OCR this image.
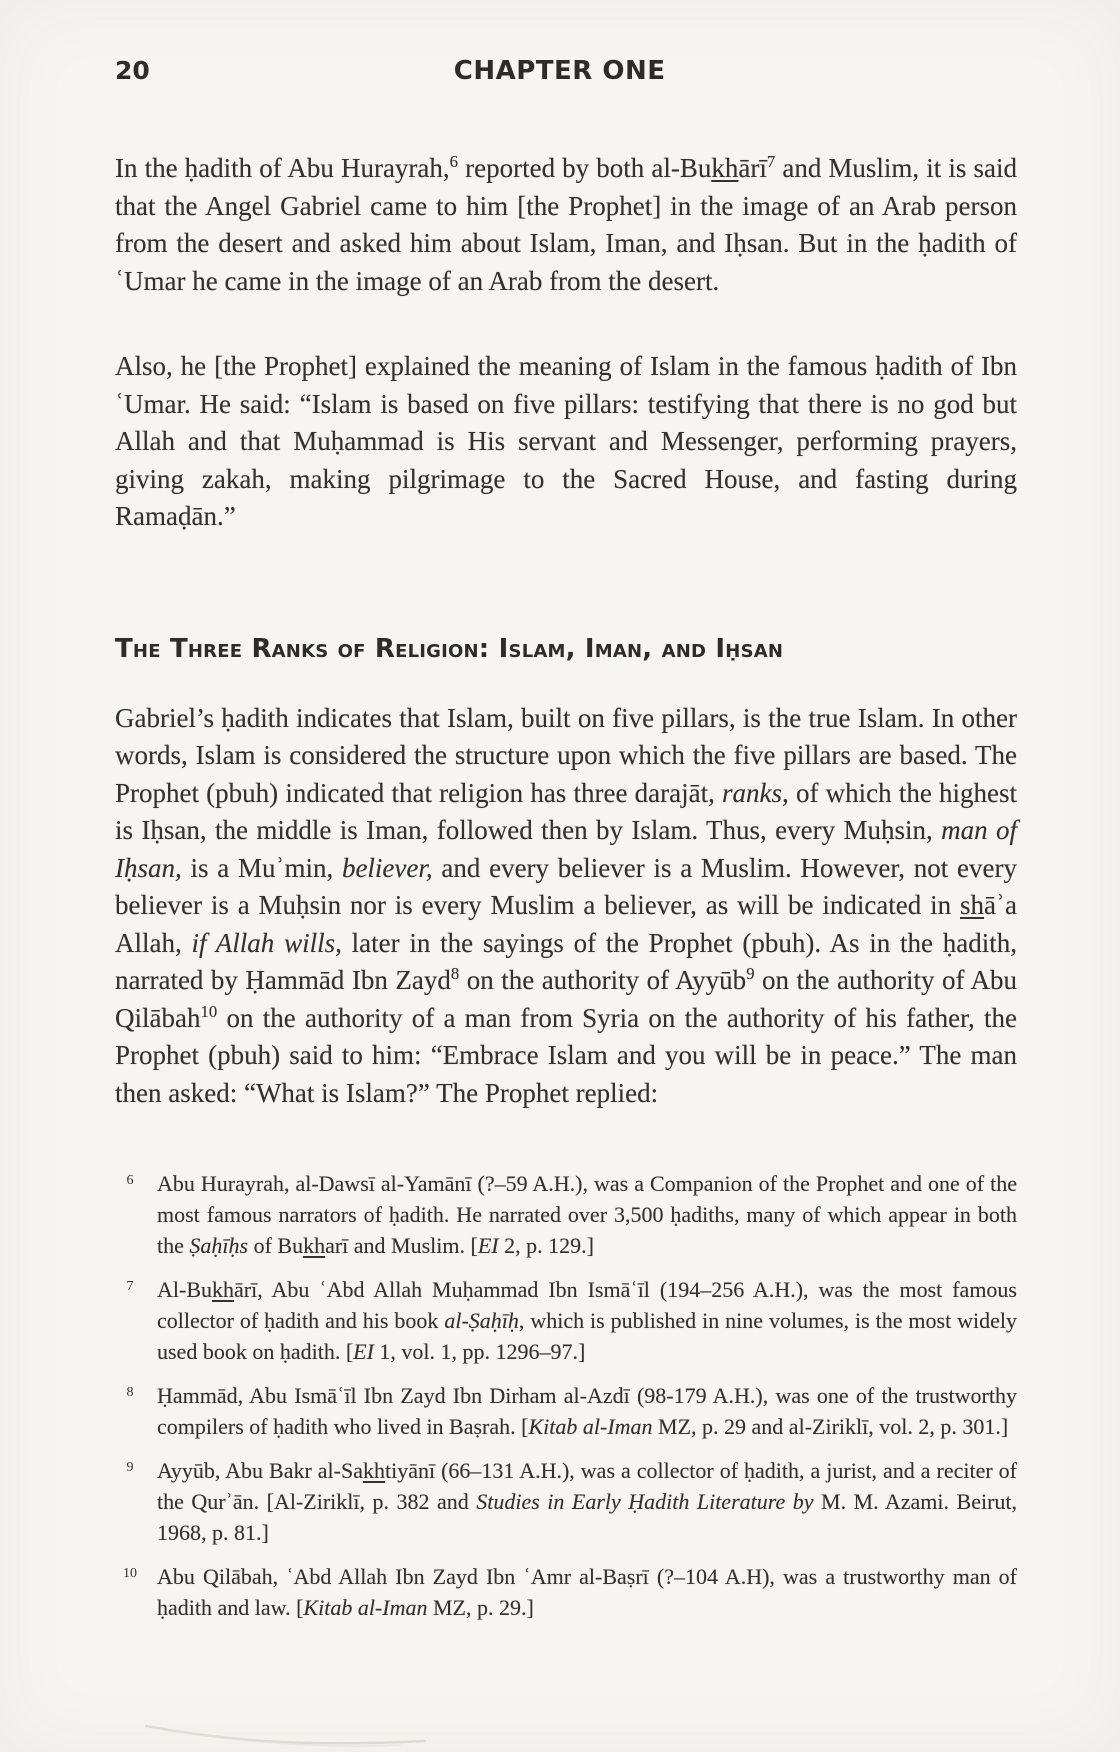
20	CHAPTER ONE

In the ḥadith of Abu Hurayrah,$^6$ reported by both al-Bukhārī$^7$ and Muslim, it is said that the Angel Gabriel came to him [the Prophet] in the image of an Arab person from the desert and asked him about Islam, Iman, and Iḥsan. But in the ḥadith of ʿUmar he came in the image of an Arab from the desert.

Also, he [the Prophet] explained the meaning of Islam in the famous ḥadith of Ibn ʿUmar. He said: “Islam is based on five pillars: testifying that there is no god but Allah and that Muḥammad is His servant and Messenger, performing prayers, giving zakah, making pilgrimage to the Sacred House, and fasting during Ramaḍān.”

The Three Ranks of Religion: Islam, Iman, and Iḥsan

Gabriel’s ḥadith indicates that Islam, built on five pillars, is the true Islam. In other words, Islam is considered the structure upon which the five pillars are based. The Prophet (pbuh) indicated that religion has three darajāt, ranks, of which the highest is Iḥsan, the middle is Iman, followed then by Islam. Thus, every Muḥsin, man of Iḥsan, is a Muʾmin, believer, and every believer is a Muslim. However, not every believer is a Muḥsin nor is every Muslim a believer, as will be indicated in shāʾa Allah, if Allah wills, later in the sayings of the Prophet (pbuh). As in the ḥadith, narrated by Ḥammād Ibn Zayd$^8$ on the authority of Ayyūb$^9$ on the authority of Abu Qilābah$^{10}$ on the authority of a man from Syria on the authority of his father, the Prophet (pbuh) said to him: “Embrace Islam and you will be in peace.” The man then asked: “What is Islam?” The Prophet replied:

6	Abu Hurayrah, al-Dawsī al-Yamānī (?–59 A.H.), was a Companion of the Prophet and one of the most famous narrators of ḥadith. He narrated over 3,500 ḥadiths, many of which appear in both the Ṣaḥīḥs of Bukharī and Muslim. [EI 2, p. 129.]
7	Al-Bukhārī, Abu ʿAbd Allah Muḥammad Ibn Ismāʿīl (194–256 A.H.), was the most famous collector of ḥadith and his book al-Ṣaḥīḥ, which is published in nine volumes, is the most widely used book on ḥadith. [EI 1, vol. 1, pp. 1296–97.]
8	Ḥammād, Abu Ismāʿīl Ibn Zayd Ibn Dirham al-Azdī (98-179 A.H.), was one of the trustworthy compilers of ḥadith who lived in Baṣrah. [Kitab al-Iman MZ, p. 29 and al-Ziriklī, vol. 2, p. 301.]
9	Ayyūb, Abu Bakr al-Sakhtiyānī (66–131 A.H.), was a collector of ḥadith, a jurist, and a reciter of the Qurʾān. [Al-Ziriklī, p. 382 and Studies in Early Ḥadith Literature by M. M. Azami. Beirut, 1968, p. 81.]
10 Abu Qilābah, ʿAbd Allah Ibn Zayd Ibn ʿAmr al-Baṣrī (?–104 A.H), was a trustworthy man of ḥadith and law. [Kitab al-Iman MZ, p. 29.]
